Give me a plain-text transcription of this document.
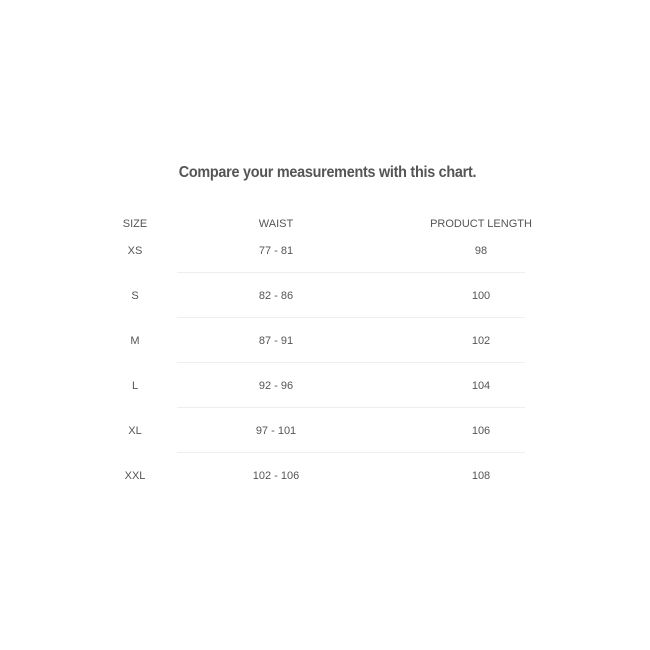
Compare your measurements with this chart.
SIZE	WAIST	PRODUCT LENGTH
XS	77 - 81	98
S	82 - 86	100
M	87 - 91	102
L	92 - 96	104
XL	97 - 101	106
XXL	102 - 106	108
